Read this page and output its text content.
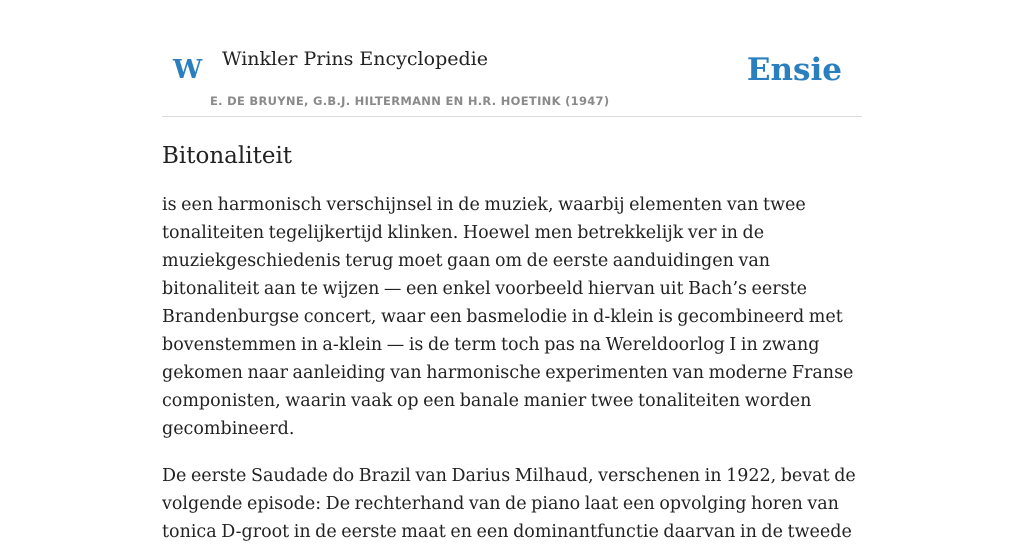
W Winkler Prins Encyclopedie
E. DE BRUYNE, G.B.J. HILTERMANN EN H.R. HOETINK (1947)
Ensie
Bitonaliteit

is een harmonisch verschijnsel in de muziek, waarbij elementen van twee tonaliteiten tegelijkertijd klinken. Hoewel men betrekkelijk ver in de muziekgeschiedenis terug moet gaan om de eerste aanduidingen van bitonaliteit aan te wijzen — een enkel voorbeeld hiervan uit Bach’s eerste Brandenburgse concert, waar een basmelodie in d-klein is gecombineerd met bovenstemmen in a-klein — is de term toch pas na Wereldoorlog I in zwang gekomen naar aanleiding van harmonische experimenten van moderne Franse componisten, waarin vaak op een banale manier twee tonaliteiten worden gecombineerd.

De eerste Saudade do Brazil van Darius Milhaud, verschenen in 1922, bevat de volgende episode: De rechterhand van de piano laat een opvolging horen van tonica D-groot in de eerste maat en een dominantfunctie daarvan in de tweede
